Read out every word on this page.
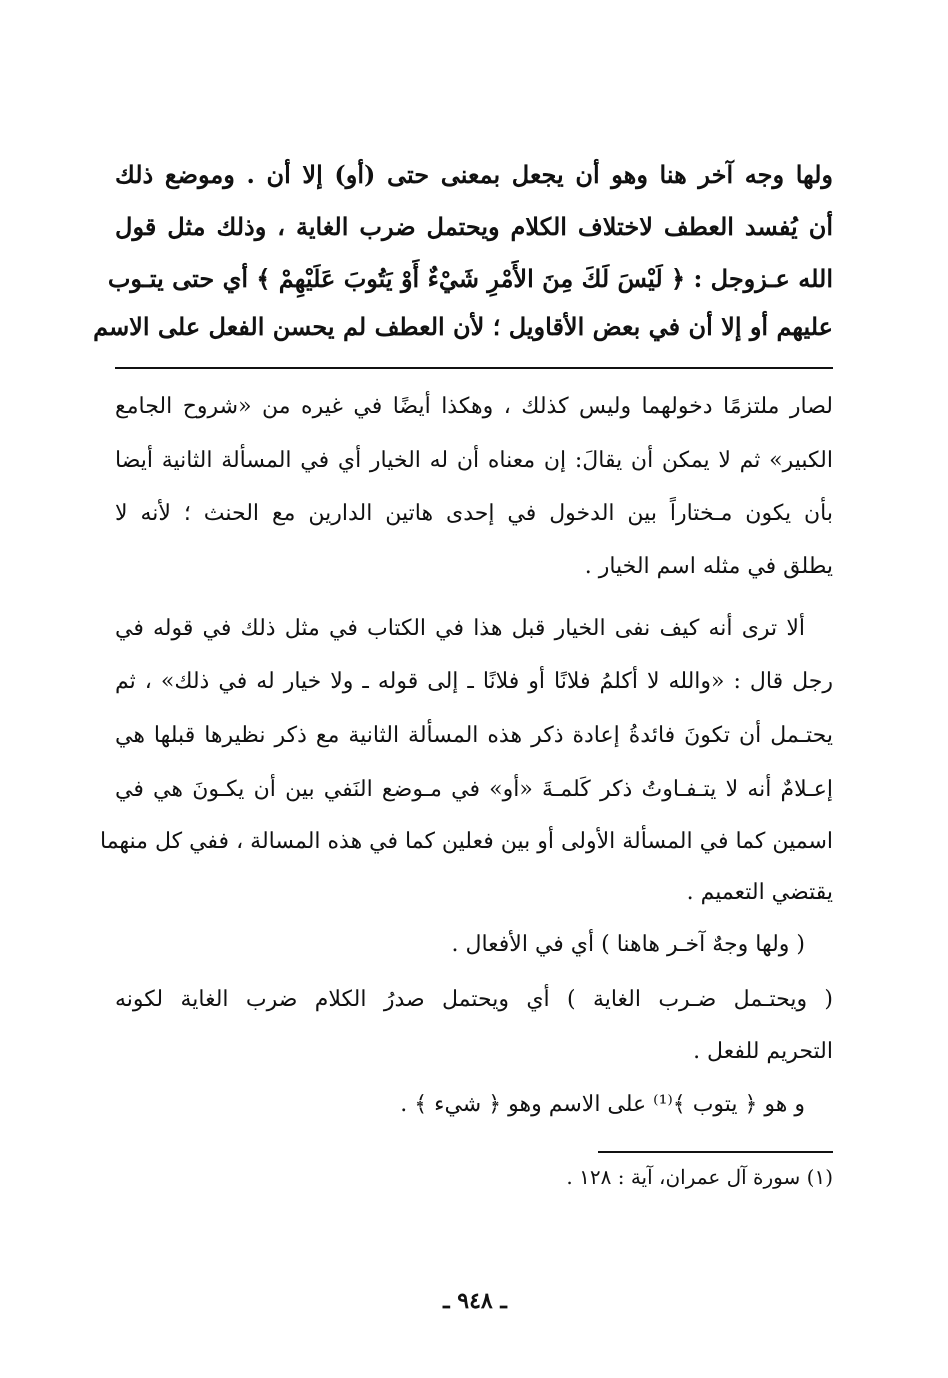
ولها وجه آخر هنا وهو أن يجعل بمعنى حتى (أو) إلا أن . وموضع ذلك
أن يُفسد العطف لاختلاف الكلام ويحتمل ضرب الغاية ، وذلك مثل قول
الله عـزوجل : ﴿ لَيْسَ لَكَ مِنَ الأَمْرِ شَيْءٌ أَوْ يَتُوبَ عَلَيْهِمْ ﴾ أي حتى يتـوب
عليهم أو إلا أن في بعض الأقاويل ؛ لأن العطف لم يحسن الفعل على الاسم
لصار ملتزمًا دخولهما وليس كذلك ، وهكذا أيضًا في غيره من «شروح الجامع
الكبير» ثم لا يمكن أن يقالَ: إن معناه أن له الخيار أي في المسألة الثانية أيضا
بأن يكون مـختاراً بين الدخول في إحدى هاتين الدارين مع الحنث ؛ لأنه لا
يطلق في مثله اسم الخيار .
ألا ترى أنه كيف نفى الخيار قبل هذا في الكتاب في مثل ذلك في قوله في
رجل قال : «والله لا أكلمُ فلانًا أو فلانًا ـ إلى قوله ـ ولا خيار له في ذلك» ، ثم
يحتـمل أن تكونَ فائدةُ إعادة ذكر هذه المسألة الثانية مع ذكر نظيرها قبلها هي
إعـلامٌ أنه لا يتـفـاوتُ ذكر كَلمـةَ «أو» في مـوضع النَفي بين أن يكـونَ هي في
اسمين كما في المسألة الأولى أو بين فعلين كما في هذه المسالة ، ففي كل منهما
يقتضي التعميم .
( ولها وجهٌ آخـر هاهنا ) أي في الأفعال .
( ويحتـمل ضـرب الغاية ) أي ويحتمل صدرُ الكلام ضرب الغاية لكونه
التحريم للفعل .
و هو ﴿ يتوب ﴾⁽¹⁾ على الاسم وهو ﴿ شيء ﴾ .
(١) سورة آل عمران، آية : ١٢٨ .
ـ ٩٤٨ ـ
